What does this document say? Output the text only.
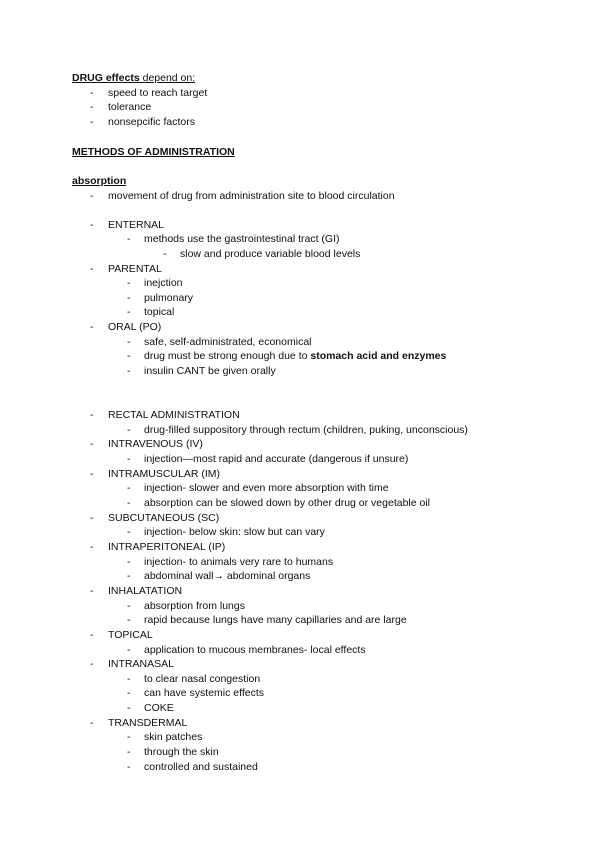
DRUG effects depend on:
- speed to reach target
- tolerance
- nonsepcific factors
METHODS OF ADMINISTRATION
absorption
- movement of drug from administration site to blood circulation
- ENTERNAL
- methods use the gastrointestinal tract (GI)
- slow and produce variable blood levels
- PARENTAL
- inejction
- pulmonary
- topical
- ORAL (PO)
- safe, self-administrated, economical
- drug must be strong enough due to stomach acid and enzymes
- insulin CANT be given orally
- RECTAL ADMINISTRATION
- drug-filled suppository through rectum (children, puking, unconscious)
- INTRAVENOUS (IV)
- injection—most rapid and accurate (dangerous if unsure)
- INTRAMUSCULAR (IM)
- injection- slower and even more absorption with time
- absorption can be slowed down by other drug or vegetable oil
- SUBCUTANEOUS (SC)
- injection- below skin: slow but can vary
- INTRAPERITONEAL (IP)
- injection- to animals very rare to humans
- abdominal wall→ abdominal organs
- INHALATATION
- absorption from lungs
- rapid because lungs have many capillaries and are large
- TOPICAL
- application to mucous membranes- local effects
- INTRANASAL
- to clear nasal congestion
- can have systemic effects
- COKE
- TRANSDERMAL
- skin patches
- through the skin
- controlled and sustained
